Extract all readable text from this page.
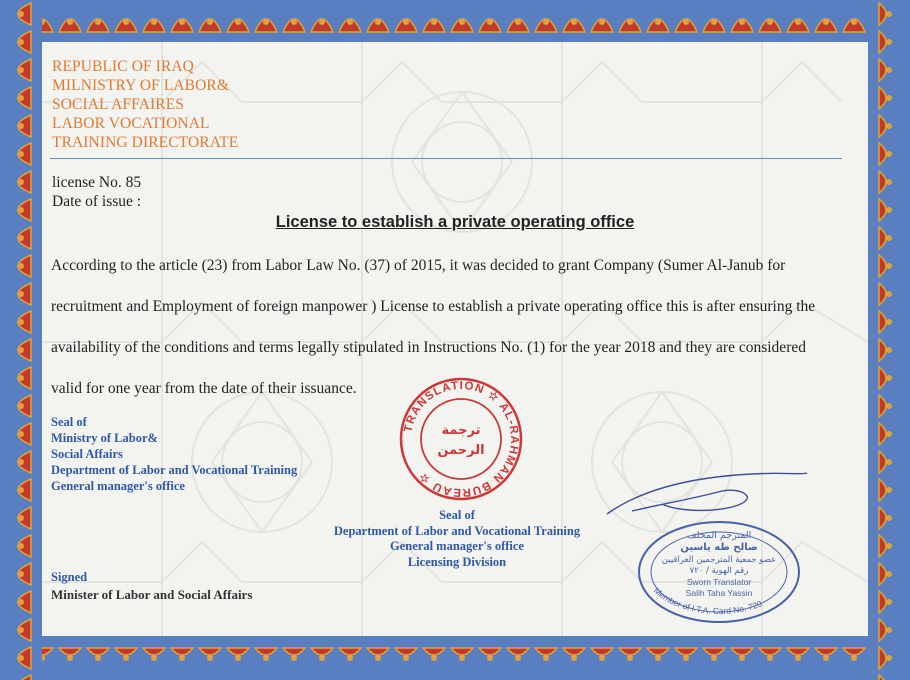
REPUBLIC OF IRAQ
MILNISTRY OF LABOR&
SOCIAL AFFAIRES
LABOR VOCATIONAL
TRAINING DIRECTORATE
license No. 85
Date of issue :
License to establish a private operating office
According to the article (23) from Labor Law No. (37) of 2015, it was decided to grant Company (Sumer Al-Janub for
recruitment and Employment of foreign manpower ) License to establish a private operating office this is after ensuring the
availability of the conditions and terms legally stipulated in Instructions No. (1) for the year 2018 and they are considered
valid for one year from the date of their issuance.
Seal of
Ministry of Labor&
Social Affairs
Department of Labor and Vocational Training
General manager's office
Seal of
Department of Labor and Vocational Training
General manager's office
Licensing Division
Signed
Minister of Labor and Social Affairs
TRANSLATION ☆ AL-RAHMAN BUREAU ☆
ترجمة
الرحمن
المترجم المحلف
صالح طه ياسين
عضو جمعية المترجمين العراقيين
رقم الهوية / ٧٢٠
Sworn Translator
Salih Taha Yassin
Member of I.T.A. Card No. 720
